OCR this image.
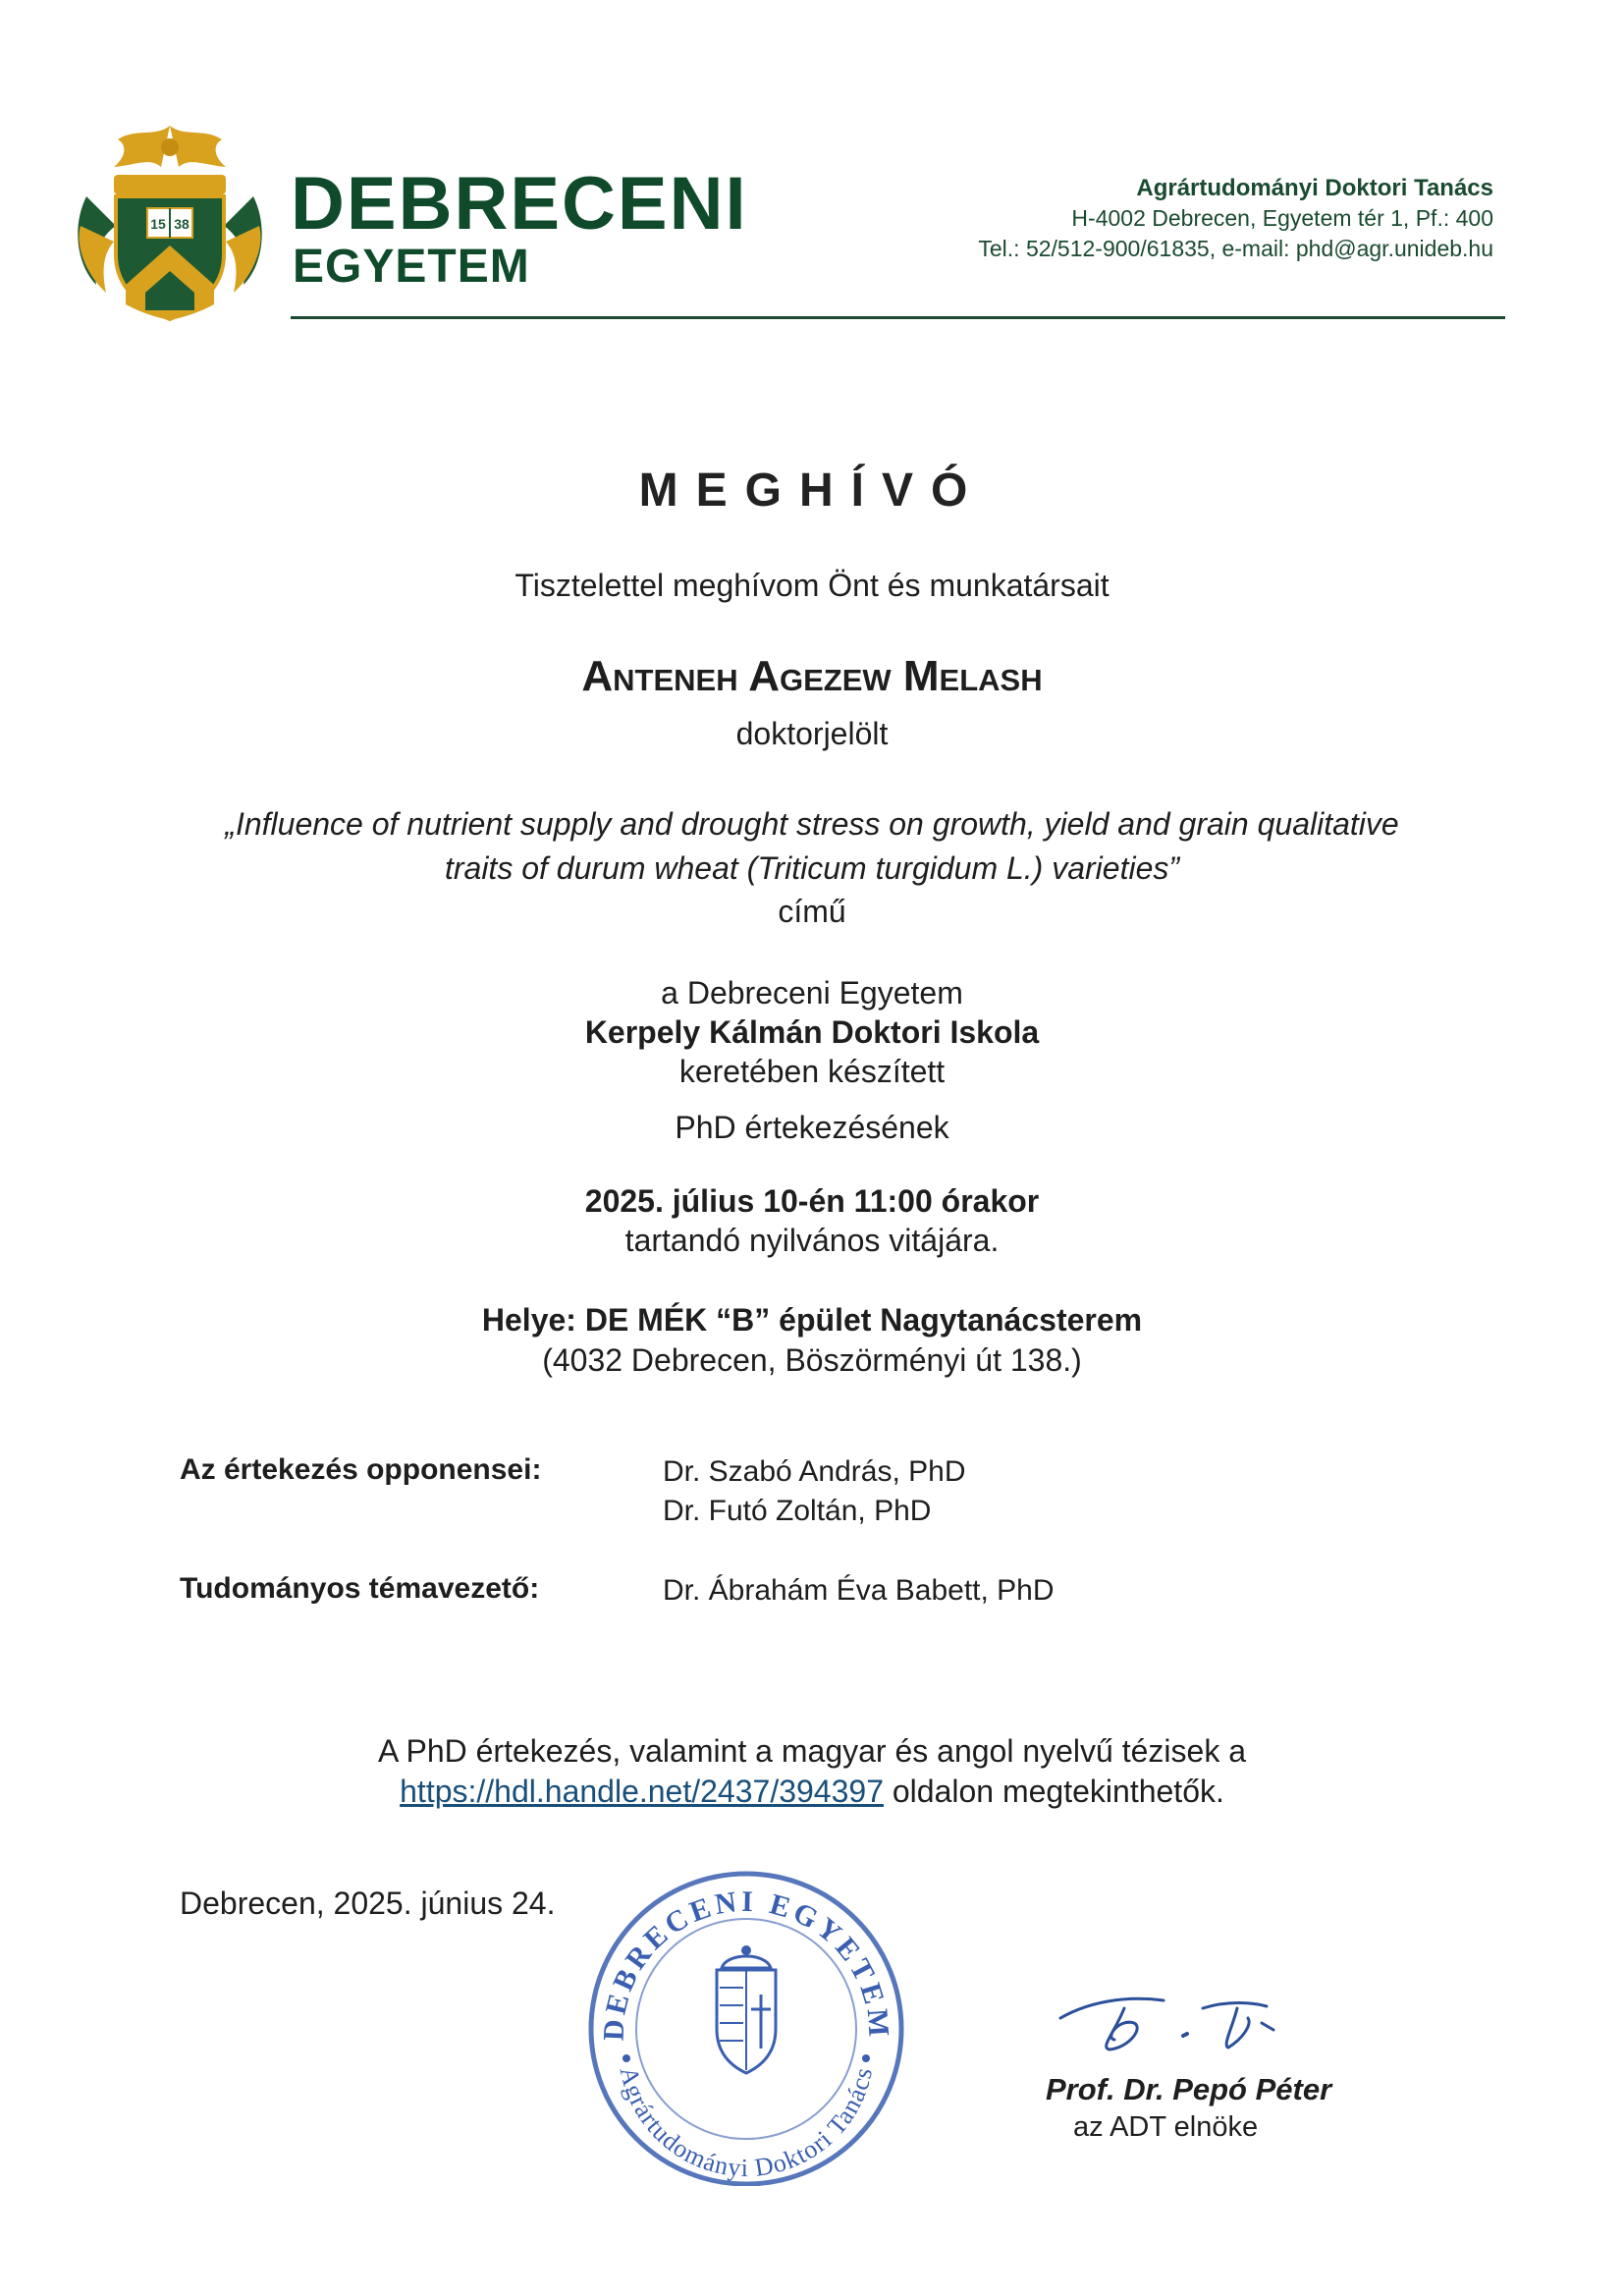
15 38 DEBRECENI
EGYETEM
Agrártudományi Doktori Tanács
H-4002 Debrecen, Egyetem tér 1, Pf.: 400
Tel.: 52/512-900/61835, e-mail: phd@agr.unideb.hu
MEGHÍVÓ
Tisztelettel meghívom Önt és munkatársait
Anteneh Agezew Melash
doktorjelölt
„Influence of nutrient supply and drought stress on growth, yield and grain qualitative
traits of durum wheat (Triticum turgidum L.) varieties”
című
a Debreceni Egyetem
Kerpely Kálmán Doktori Iskola
keretében készített
PhD értekezésének
2025. július 10-én 11:00 órakor
tartandó nyilvános vitájára.
Helye: DE MÉK “B” épület Nagytanácsterem
(4032 Debrecen, Böszörményi út 138.)
Az értekezés opponensei:	Dr. Szabó András, PhD
Dr. Futó Zoltán, PhD
Tudományos témavezető:	Dr. Ábrahám Éva Babett, PhD
A PhD értekezés, valamint a magyar és angol nyelvű tézisek a
https://hdl.handle.net/2437/394397 oldalon megtekinthetők.
Debrecen, 2025. június 24.
DEBRECENI EGYETEM
Agrártudományi Doktori Tanács	Prof. Dr. Pepó Péter
az ADT elnöke
